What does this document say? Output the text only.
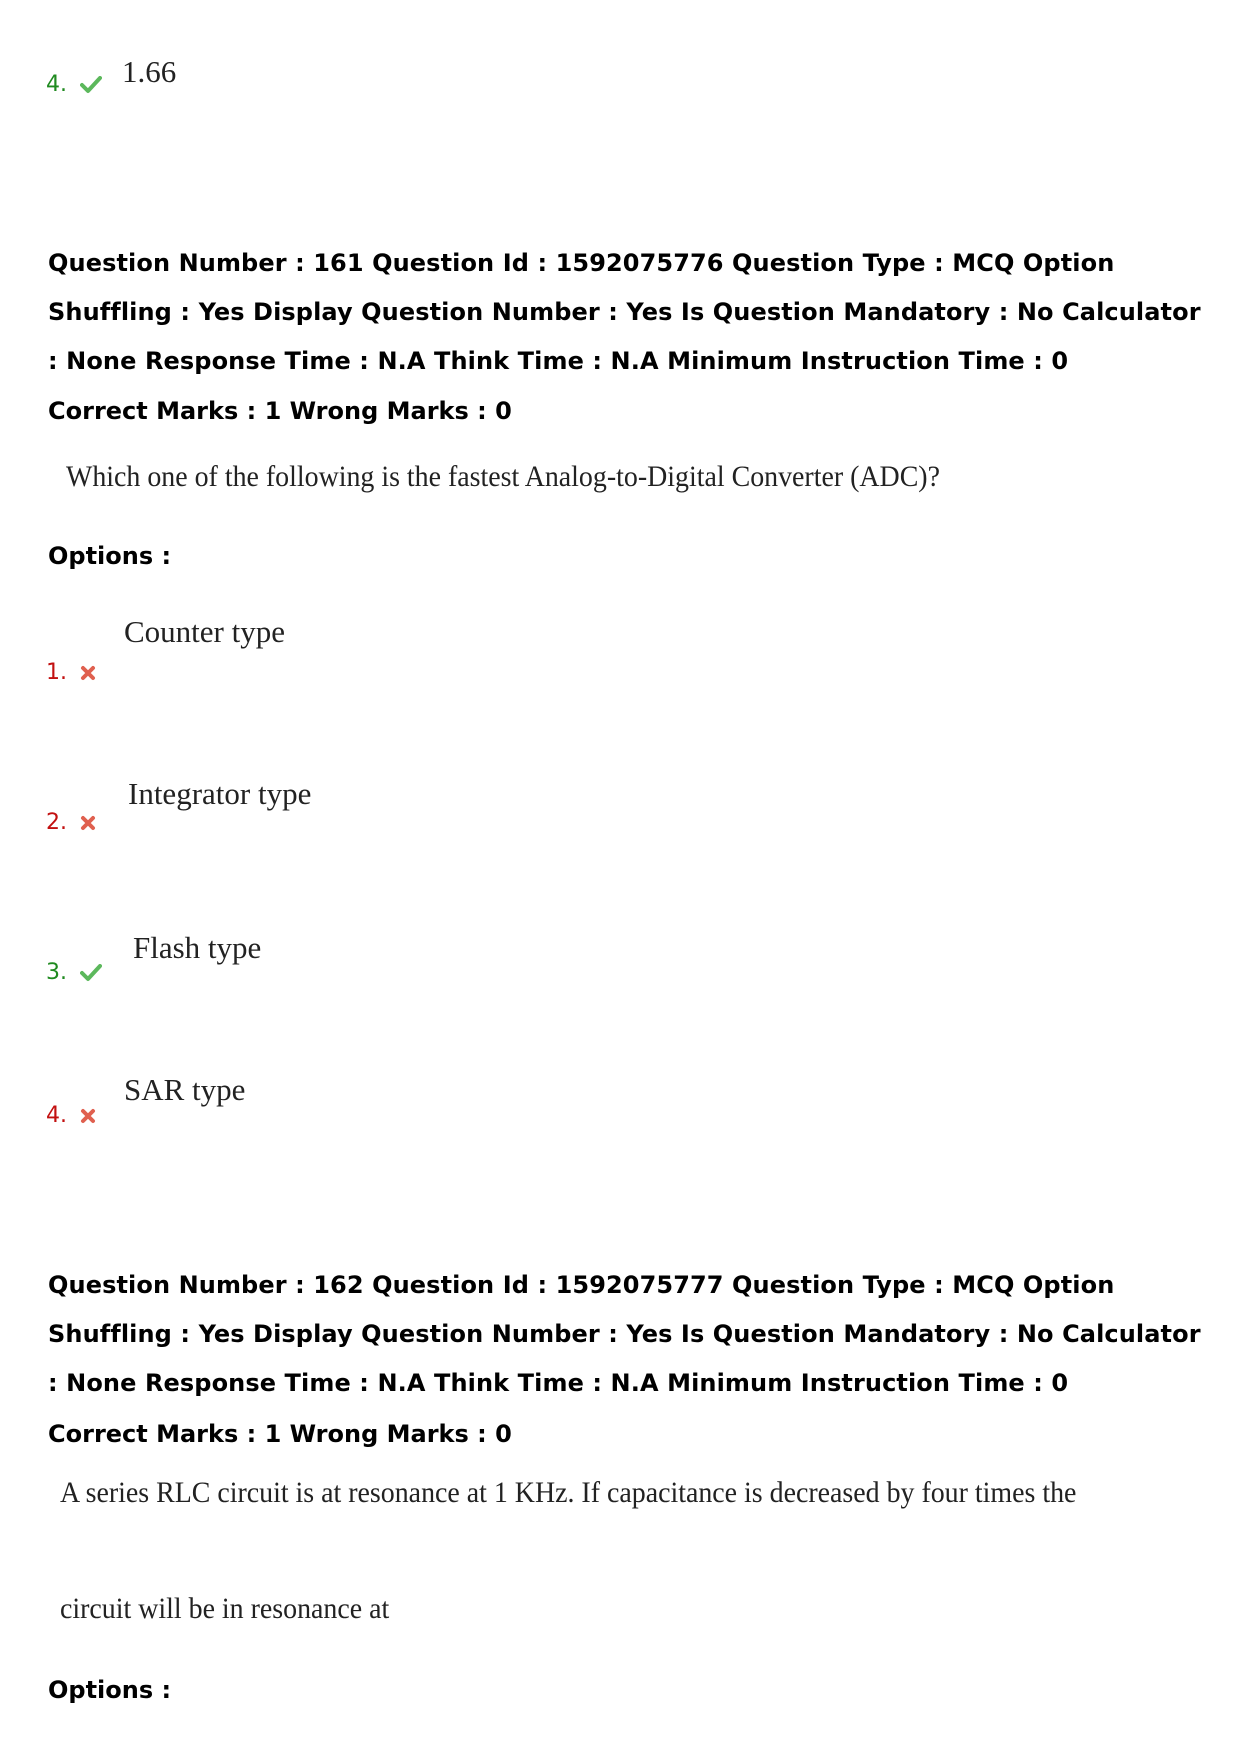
4.	1.66
Question Number : 161 Question Id : 1592075776 Question Type : MCQ Option Shuffling : Yes Display Question Number : Yes Is Question Mandatory : No Calculator : None Response Time : N.A Think Time : N.A Minimum Instruction Time : 0
Correct Marks : 1 Wrong Marks : 0
Which one of the following is the fastest Analog-to-Digital Converter (ADC)?
Options :
1.
Counter type
2.
Integrator type
3.
Flash type
4.
SAR type
Question Number : 162 Question Id : 1592075777 Question Type : MCQ Option Shuffling : Yes Display Question Number : Yes Is Question Mandatory : No Calculator : None Response Time : N.A Think Time : N.A Minimum Instruction Time : 0
Correct Marks : 1 Wrong Marks : 0
A series RLC circuit is at resonance at 1 KHz. If capacitance is decreased by four times the
circuit will be in resonance at
Options :
